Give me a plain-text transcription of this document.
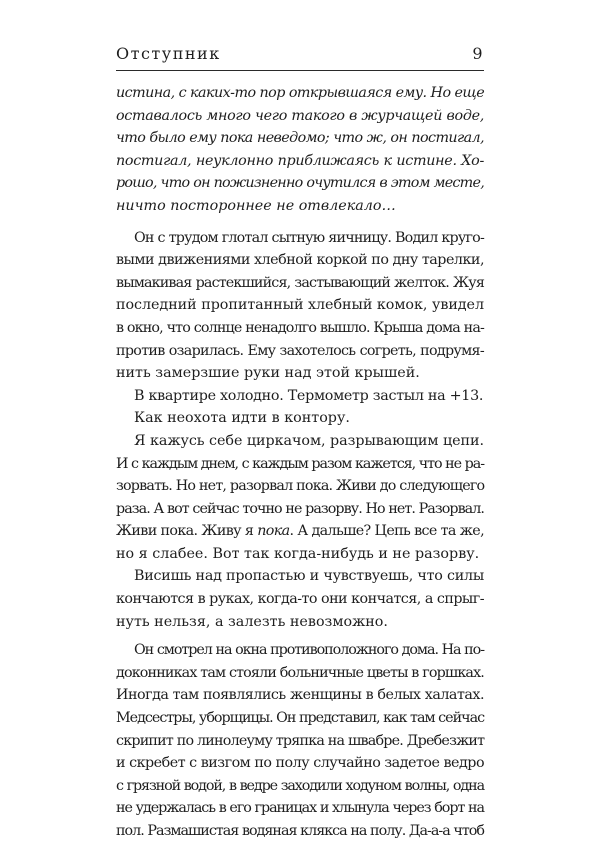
Отступник	9
истина, с каких-то пор открывшаяся ему. Но еще
оставалось много чего такого в журчащей воде,
что было ему пока неведомо; что ж, он постигал,
постигал, неуклонно приближаясь к истине. Хо-
рошо, что он пожизненно очутился в этом месте,
ничто постороннее не отвлекало…
Он с трудом глотал сытную яичницу. Водил круго-
выми движениями хлебной коркой по дну тарелки,
вымакивая растекшийся, застывающий желток. Жуя
последний пропитанный хлебный комок, увидел
в окно, что солнце ненадолго вышло. Крыша дома на-
против озарилась. Ему захотелось согреть, подрумя-
нить замерзшие руки над этой крышей.
В квартире холодно. Термометр застыл на +13.
Как неохота идти в контору.
Я кажусь себе циркачом, разрывающим цепи.
И с каждым днем, с каждым разом кажется, что не ра-
зорвать. Но нет, разорвал пока. Живи до следующего
раза. А вот сейчас точно не разорву. Но нет. Разорвал.
Живи пока. Живу я пока. А дальше? Цепь все та же,
но я слабее. Вот так когда-нибудь и не разорву.
Висишь над пропастью и чувствуешь, что силы
кончаются в руках, когда-то они кончатся, а спрыг-
нуть нельзя, а залезть невозможно.
Он смотрел на окна противоположного дома. На по-
доконниках там стояли больничные цветы в горшках.
Иногда там появлялись женщины в белых халатах.
Медсестры, уборщицы. Он представил, как там сейчас
скрипит по линолеуму тряпка на швабре. Дребезжит
и скребет с визгом по полу случайно задетое ведро
с грязной водой, в ведре заходили ходуном волны, одна
не удержалась в его границах и хлынула через борт на
пол. Размашистая водяная клякса на полу. Да-а-а чтоб
